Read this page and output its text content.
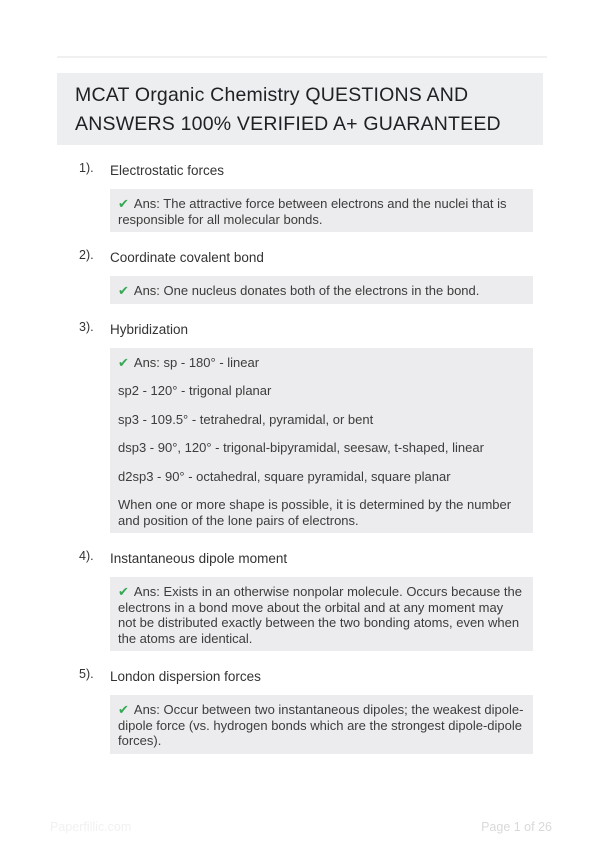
MCAT Organic Chemistry QUESTIONS AND
ANSWERS 100% VERIFIED A+ GUARANTEED
1). Electrostatic forces

✔ Ans: The attractive force between electrons and the nuclei that is responsible for all molecular bonds.

2). Coordinate covalent bond

✔ Ans: One nucleus donates both of the electrons in the bond.

3). Hybridization

✔ Ans: sp - 180° - linear

sp2 - 120° - trigonal planar

sp3 - 109.5° - tetrahedral, pyramidal, or bent

dsp3 - 90°, 120° - trigonal-bipyramidal, seesaw, t-shaped, linear

d2sp3 - 90° - octahedral, square pyramidal, square planar

When one or more shape is possible, it is determined by the number and position of the lone pairs of electrons.

4). Instantaneous dipole moment

✔ Ans: Exists in an otherwise nonpolar molecule. Occurs because the electrons in a bond move about the orbital and at any moment may not be distributed exactly between the two bonding atoms, even when the atoms are identical.

5). London dispersion forces

✔ Ans: Occur between two instantaneous dipoles; the weakest dipole-dipole force (vs. hydrogen bonds which are the strongest dipole-dipole forces).

Paperfillic.com	Page 1 of 26
